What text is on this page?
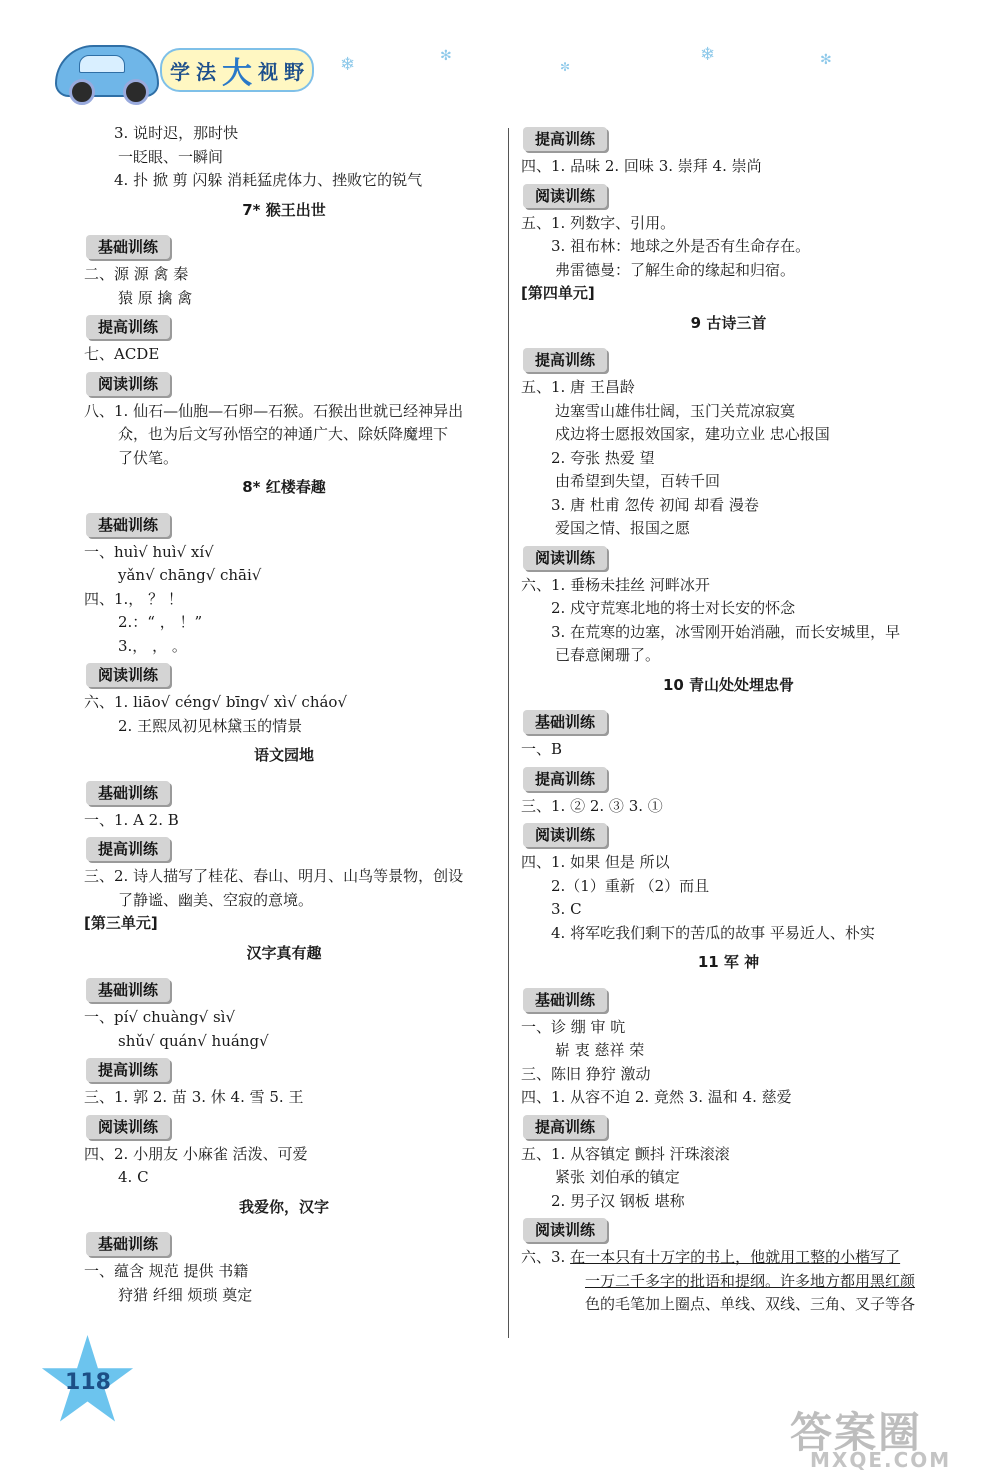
学 法 大 视 野 ❄	✻
✼
❄	✻
3. 说时迟，那时快
一眨眼、一瞬间
4. 扑 掀 剪 闪躲 消耗猛虎体力、挫败它的锐气
7* 猴王出世
基础训练
二、源 源 禽 秦
猿 原 擒 禽
提高训练
七、ACDE
阅读训练
八、1. 仙石—仙胞—石卵—石猴。石猴出世就已经神异出
众，也为后文写孙悟空的神通广大、除妖降魔埋下
了伏笔。
8* 红楼春趣
基础训练
一、huì√ huì√ xí√
yǎn√ chāng√ chāi√
四、1.， ？ ！
2.：“ ， ！”
3.， ， 。
阅读训练
六、1. liāo√ céng√ bīng√ xì√ cháo√
2. 王熙凤初见林黛玉的情景
语文园地
基础训练
一、1. A 2. B
提高训练
三、2. 诗人描写了桂花、春山、明月、山鸟等景物，创设
了静谧、幽美、空寂的意境。
[第三单元]
汉字真有趣
基础训练
一、pí√ chuàng√ sì√
shǔ√ quán√ huáng√
提高训练
三、1. 郭 2. 苗 3. 休 4. 雪 5. 王
阅读训练
四、2. 小朋友 小麻雀 活泼、可爱
4. C
我爱你，汉字
基础训练
一、蕴含 规范 提供 书籍
狩猎 纤细 烦琐 奠定
提高训练
四、1. 品味 2. 回味 3. 崇拜 4. 崇尚
阅读训练
五、1. 列数字、引用。
3. 祖布林：地球之外是否有生命存在。
弗雷德曼：了解生命的缘起和归宿。
[第四单元]
9 古诗三首
提高训练
五、1. 唐 王昌龄
边塞雪山雄伟壮阔，玉门关荒凉寂寞
戍边将士愿报效国家，建功立业 忠心报国
2. 夸张 热爱 望
由希望到失望，百转千回
3. 唐 杜甫 忽传 初闻 却看 漫卷
爱国之情、报国之愿
阅读训练
六、1. 垂杨未挂丝 河畔冰开
2. 戍守荒寒北地的将士对长安的怀念
3. 在荒寒的边塞，冰雪刚开始消融，而长安城里，早
已春意阑珊了。
10 青山处处埋忠骨
基础训练
一、B
提高训练
三、1. ② 2. ③ 3. ①
阅读训练
四、1. 如果 但是 所以
2.（1）重新 （2）而且
3. C
4. 将军吃我们剩下的苦瓜的故事 平易近人、朴实
11 军 神
基础训练
一、诊 绷 审 吭
崭 衷 慈祥 荣
三、陈旧 狰狞 激动
四、1. 从容不迫 2. 竟然 3. 温和 4. 慈爱
提高训练
五、1. 从容镇定 颤抖 汗珠滚滚
紧张 刘伯承的镇定
2. 男子汉 钢板 堪称
阅读训练
六、3. 在一本只有十万字的书上，他就用工整的小楷写了
一万二千多字的批语和提纲。许多地方都用黑红颜
色的毛笔加上圈点、单线、双线、三角、叉子等各
118
答案圈
MXQE.COM
